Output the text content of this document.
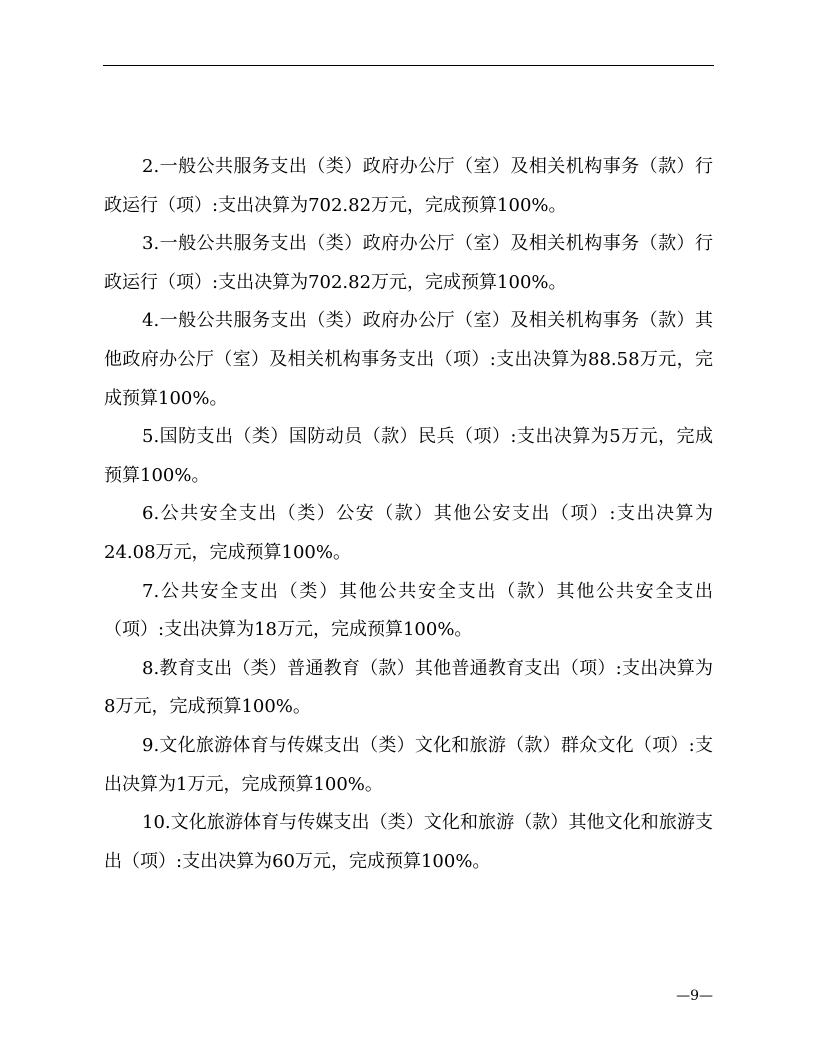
2.一般公共服务支出（类）政府办公厅（室）及相关机构事务（款）行政运行（项）:支出决算为702.82万元，完成预算100%。

3.一般公共服务支出（类）政府办公厅（室）及相关机构事务（款）行政运行（项）:支出决算为702.82万元，完成预算100%。

4.一般公共服务支出（类）政府办公厅（室）及相关机构事务（款）其他政府办公厅（室）及相关机构事务支出（项）:支出决算为88.58万元，完成预算100%。

5.国防支出（类）国防动员（款）民兵（项）:支出决算为5万元，完成预算100%。

6.公共安全支出（类）公安（款）其他公安支出（项）:支出决算为24.08万元，完成预算100%。

7.公共安全支出（类）其他公共安全支出（款）其他公共安全支出（项）:支出决算为18万元，完成预算100%。

8.教育支出（类）普通教育（款）其他普通教育支出（项）:支出决算为8万元，完成预算100%。

9.文化旅游体育与传媒支出（类）文化和旅游（款）群众文化（项）:支出决算为1万元，完成预算100%。

10.文化旅游体育与传媒支出（类）文化和旅游（款）其他文化和旅游支出（项）:支出决算为60万元，完成预算100%。

—9—
